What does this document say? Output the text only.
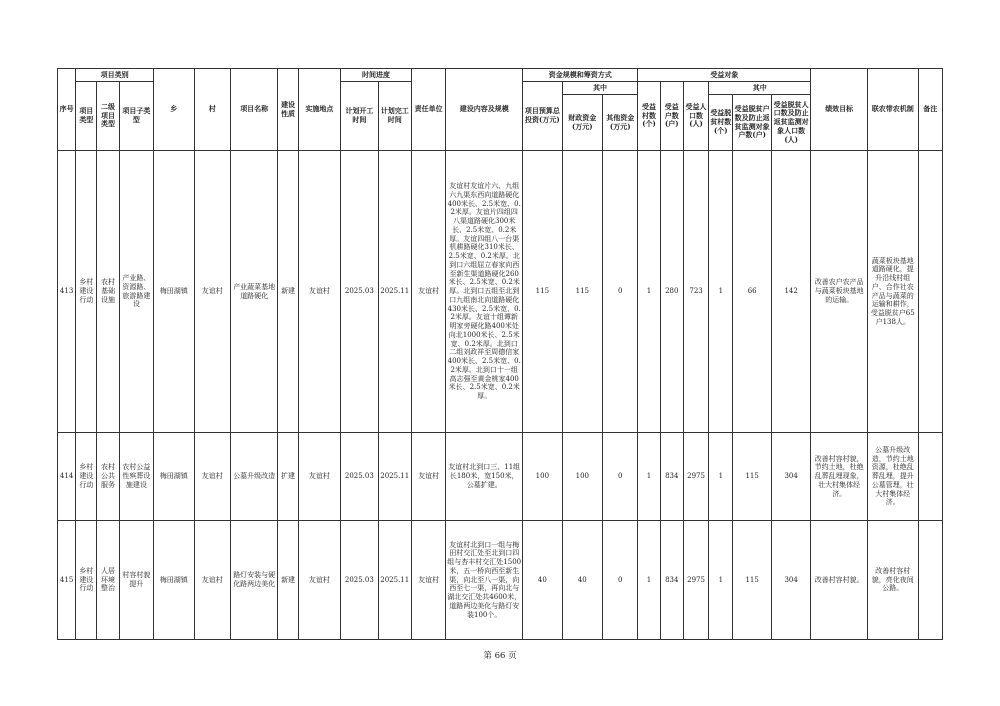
序号	项目类别			乡	村	项目名称	建设性质	实施地点	时间进度		责任单位	建设内容及规模	资金规模和筹资方式			受益对象						绩效目标	联农带农机制	备注
	项目类型	二级项目类型	项目子类型						计划开工时间	计划完工时间			项目预算总投资(万元)	其中		受益村数(个)	受益户数(户)	受益人口数(人)	其中					
														财政资金(万元)	其他资金(万元)				受益脱贫村数(个)	受益脱贫户数及防止返贫监测对象户数(户)	受益脱贫人口数及防止返贫监测对象人口数(人)			
413	乡村建设行动	农村基础设施	产业路、资源路、旅游路建设	梅田湖镇	友谊村	产业蔬菜基地道路硬化	新建	友谊村	2025.03	2025.11	友谊村	友谊村友谊片六、九组六九渠东西向道路硬化400米长、2.5米宽、0.2米厚。友谊片四组四八渠道路硬化300米长、2.5米宽、0.2米厚。友谊四组八一台渠机耕路硬化310米长、2.5米宽、0.2米厚。北到口六组屈立春家向西至新生渠道路硬化260米长、2.5米宽、0.2米厚。北到口五组至北到口九组南北向道路硬化430米长、2.5米宽、0.2米厚。友谊十组谭新明家旁硬化路400米处向北1000米长、2.5米宽、0.2米厚。北到口二组刘政祥至周德信家400米长、2.5米宽、0.2米厚。北到口十一组高志强至黄金桃家400米长、2.5米宽、0.2米厚。	115	115	0	1	280	723	1	66	142	改善农户农产品与蔬菜板块基地的运输。	蔬菜板块基地道路硬化，提升沿线村组户、合作社农产品与蔬菜的运输和耕作，受益脱贫户65户138人。	
414	乡村建设行动	农村公共服务	农村公益性殡葬设施建设	梅田湖镇	友谊村	公墓升级改造	扩建	友谊村	2025.03	2025.11	友谊村	友谊村北到口三、11组长180米，宽150米，公墓扩建。	100	100	0	1	834	2975	1	115	304	改善村容村貌，节约土地，杜绝乱葬乱埋现象，壮大村集体经济。	公墓升级改造，节约土地资源，杜绝乱葬乱埋，提升公墓管理，壮大村集体经济。	
415	乡村建设行动	人居环境整治	村容村貌提升	梅田湖镇	友谊村	路灯安装与硬化路两边美化	新建	友谊村	2025.03	2025.11	友谊村	友谊村北到口一组与梅田村交汇处至北到口四组与杏丰村交汇处1500米，五一桥向西至新生渠，向北至八一渠，向西至七一渠，再向北与湖北交汇处共4600米，道路两边美化与路灯安装100个。	40	40	0	1	834	2975	1	115	304	改善村容村貌。	改善村容村貌，亮化夜间公路。	
第 66 页
